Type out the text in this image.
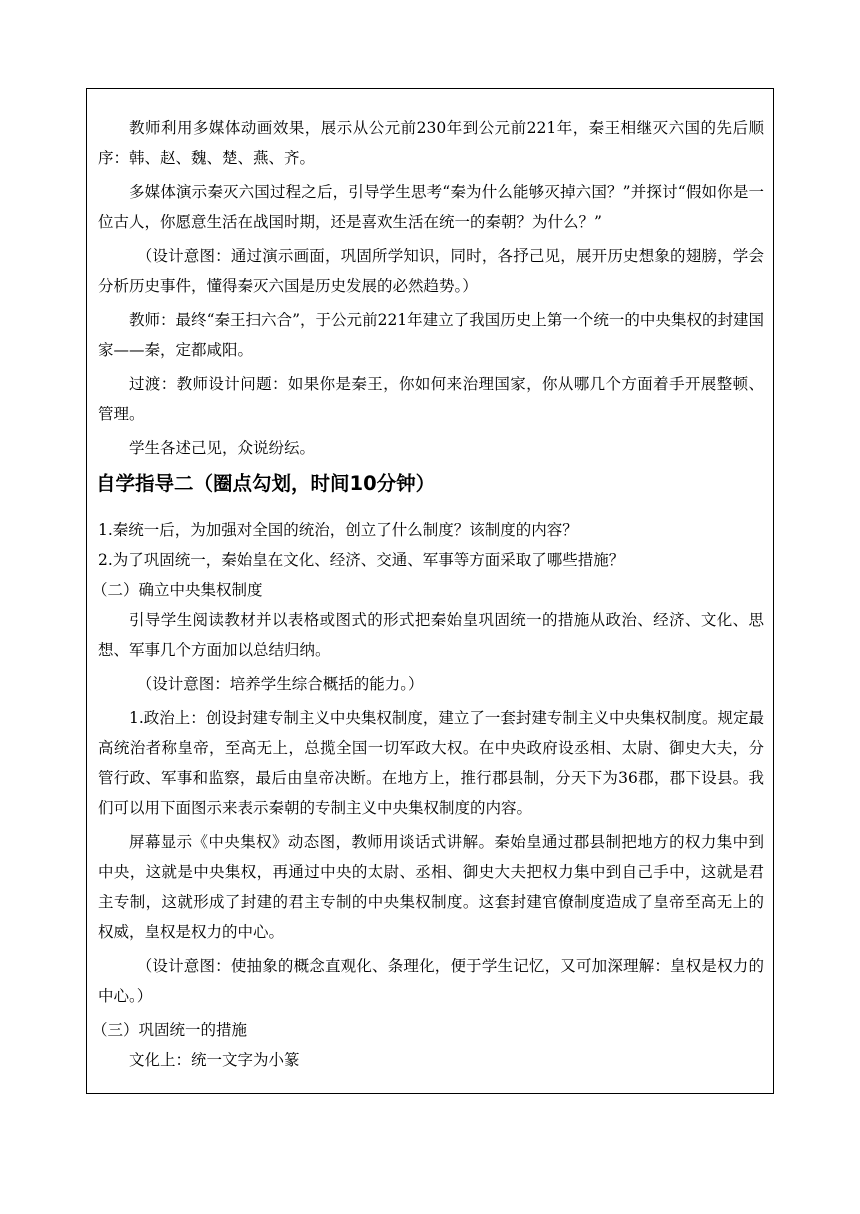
教师利用多媒体动画效果，展示从公元前230年到公元前221年，秦王相继灭六国的先后顺序：韩、赵、魏、楚、燕、齐。

多媒体演示秦灭六国过程之后，引导学生思考“秦为什么能够灭掉六国？”并探讨“假如你是一位古人，你愿意生活在战国时期，还是喜欢生活在统一的秦朝？为什么？”

（设计意图：通过演示画面，巩固所学知识，同时，各抒己见，展开历史想象的翅膀，学会分析历史事件，懂得秦灭六国是历史发展的必然趋势。）

教师：最终“秦王扫六合”，于公元前221年建立了我国历史上第一个统一的中央集权的封建国家——秦，定都咸阳。

过渡：教师设计问题：如果你是秦王，你如何来治理国家，你从哪几个方面着手开展整顿、管理。

学生各述己见，众说纷纭。

自学指导二（圈点勾划，时间10分钟）

1.秦统一后，为加强对全国的统治，创立了什么制度？该制度的内容？

2.为了巩固统一，秦始皇在文化、经济、交通、军事等方面采取了哪些措施？

（二）确立中央集权制度

引导学生阅读教材并以表格或图式的形式把秦始皇巩固统一的措施从政治、经济、文化、思想、军事几个方面加以总结归纳。

（设计意图：培养学生综合概括的能力。）

1.政治上：创设封建专制主义中央集权制度，建立了一套封建专制主义中央集权制度。规定最高统治者称皇帝，至高无上，总揽全国一切军政大权。在中央政府设丞相、太尉、御史大夫，分管行政、军事和监察，最后由皇帝决断。在地方上，推行郡县制，分天下为36郡，郡下设县。我们可以用下面图示来表示秦朝的专制主义中央集权制度的内容。

屏幕显示《中央集权》动态图，教师用谈话式讲解。秦始皇通过郡县制把地方的权力集中到中央，这就是中央集权，再通过中央的太尉、丞相、御史大夫把权力集中到自己手中，这就是君主专制，这就形成了封建的君主专制的中央集权制度。这套封建官僚制度造成了皇帝至高无上的权威，皇权是权力的中心。

（设计意图：使抽象的概念直观化、条理化，便于学生记忆，又可加深理解：皇权是权力的中心。）

（三）巩固统一的措施

文化上：统一文字为小篆
